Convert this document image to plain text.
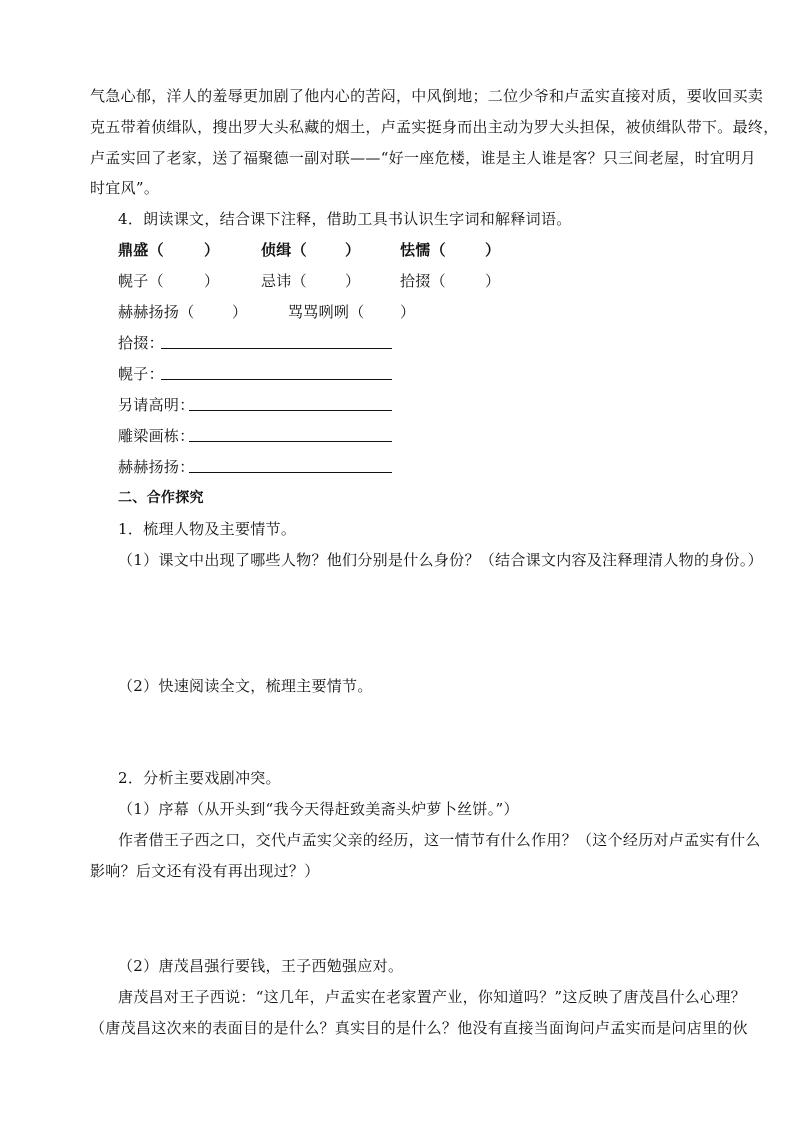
气急心郁，洋人的羞辱更加剧了他内心的苦闷，中风倒地；二位少爷和卢孟实直接对质，要收回买卖
克五带着侦缉队，搜出罗大头私藏的烟土，卢孟实挺身而出主动为罗大头担保，被侦缉队带下。最终，
卢孟实回了老家，送了福聚德一副对联——“好一座危楼，谁是主人谁是客？只三间老屋，时宜明月
时宜风”。
4．朗读课文，结合课下注释，借助工具书认识生字词和解释词语。
鼎盛（	）	侦缉（	）	怯懦（	）
幌子（	）	忌讳（	）	拾掇（	）
赫赫扬扬（ ）	骂骂咧咧（ ）
拾掇：
幌子：
另请高明：
雕梁画栋：
赫赫扬扬：
二、合作探究
1．梳理人物及主要情节。
（1）课文中出现了哪些人物？他们分别是什么身份？（结合课文内容及注释理清人物的身份。）
（2）快速阅读全文，梳理主要情节。
2．分析主要戏剧冲突。
（1）序幕（从开头到“我今天得赶致美斋头炉萝卜丝饼。”）
作者借王子西之口，交代卢孟实父亲的经历，这一情节有什么作用？（这个经历对卢孟实有什么
影响？后文还有没有再出现过？）
（2）唐茂昌强行要钱，王子西勉强应对。
唐茂昌对王子西说：“这几年，卢孟实在老家置产业，你知道吗？”这反映了唐茂昌什么心理？
（唐茂昌这次来的表面目的是什么？真实目的是什么？他没有直接当面询问卢孟实而是问店里的伙
